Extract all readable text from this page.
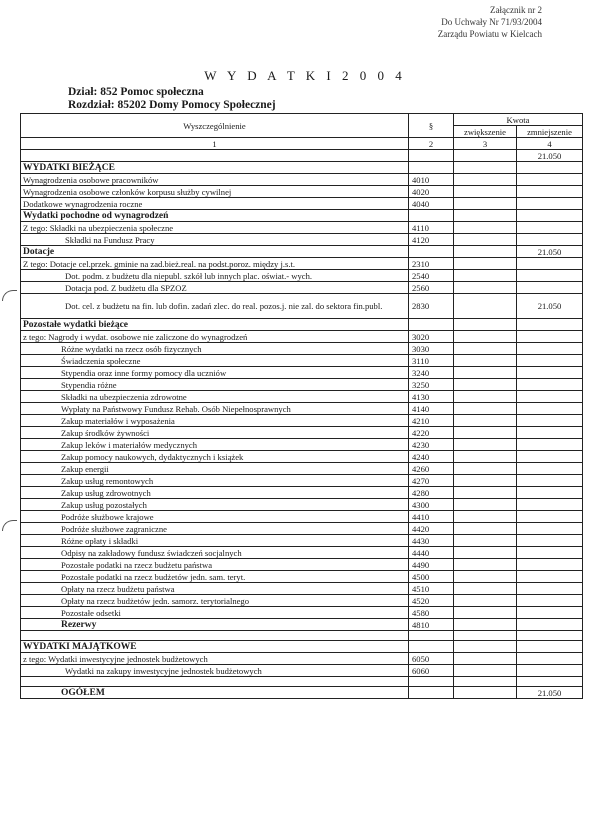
Załącznik nr 2
Do Uchwały Nr 71/93/2004
Zarządu Powiatu w Kielcach
W Y D A T K I 2 0 0 4
Dział: 852 Pomoc społeczna
Rozdział: 85202 Domy Pomocy Społecznej
Wyszczególnienie	§	Kwota	
		zwiększenie	zmniejszenie
1	2	3	4
			21.050
WYDATKI BIEŻĄCE			
Wynagrodzenia osobowe pracowników	4010		
Wynagrodzenia osobowe członków korpusu służby cywilnej	4020		
Dodatkowe wynagrodzenia roczne	4040		
Wydatki pochodne od wynagrodzeń			
Z tego: Składki na ubezpieczenia społeczne	4110		
Składki na Fundusz Pracy	4120		
Dotacje			21.050
Z tego: Dotacje cel.przek. gminie na zad.bież.real. na podst.poroz. między j.s.t.	2310		
Dot. podm. z budżetu dla niepubl. szkół lub innych plac. oświat.- wych.	2540		
Dotacja pod. Z budżetu dla SPZOZ	2560		
Dot. cel. z budżetu na fin. lub dofin. zadań zlec. do real. pozos.j. nie zal. do sektora fin.publ.	2830		21.050
Pozostałe wydatki bieżące			
z tego: Nagrody i wydat. osobowe nie zaliczone do wynagrodzeń	3020		
Różne wydatki na rzecz osób fizycznych	3030		
Świadczenia społeczne	3110		
Stypendia oraz inne formy pomocy dla uczniów	3240		
Stypendia różne	3250		
Składki na ubezpieczenia zdrowotne	4130		
Wypłaty na Państwowy Fundusz Rehab. Osób Niepełnosprawnych	4140		
Zakup materiałów i wyposażenia	4210		
Zakup środków żywności	4220		
Zakup leków i materiałów medycznych	4230		
Zakup pomocy naukowych, dydaktycznych i książek	4240		
Zakup energii	4260		
Zakup usług remontowych	4270		
Zakup usług zdrowotnych	4280		
Zakup usług pozostałych	4300		
Podróże służbowe krajowe	4410		
Podróże służbowe zagraniczne	4420		
Różne opłaty i składki	4430		
Odpisy na zakładowy fundusz świadczeń socjalnych	4440		
Pozostałe podatki na rzecz budżetu państwa	4490		
Pozostałe podatki na rzecz budżetów jedn. sam. teryt.	4500		
Opłaty na rzecz budżetu państwa	4510		
Opłaty na rzecz budżetów jedn. samorz. terytorialnego	4520		
Pozostałe odsetki	4580		
Rezerwy	4810		

WYDATKI MAJĄTKOWE			
z tego: Wydatki inwestycyjne jednostek budżetowych	6050		
Wydatki na zakupy inwestycyjne jednostek budżetowych	6060		

OGÓŁEM			21.050
